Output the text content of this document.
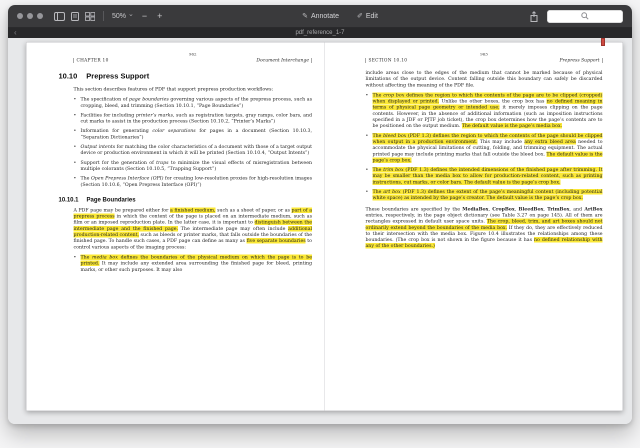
50% ⌄ − +	✎ Annotate	✐ Edit
‹	pdf_reference_1-7
962
CHAPTER 10	Document Interchange
10.10 Prepress Support

This section describes features of PDF that support prepress production workflows:

• The specification of page boundaries governing various aspects of the prepress process, such as cropping, bleed, and trimming (Section 10.10.1, “Page Boundaries”)
• Facilities for including printer’s marks, such as registration targets, gray ramps, color bars, and cut marks to assist in the production process (Section 10.10.2, “Printer’s Marks”)
• Information for generating color separations for pages in a document (Section 10.10.3, “Separation Dictionaries”)
• Output intents for matching the color characteristics of a document with those of a target output device or production environment in which it will be printed (Section 10.10.4, “Output Intents”)
• Support for the generation of traps to minimize the visual effects of misregistration between multiple colorants (Section 10.10.5, “Trapping Support”)
• The Open Prepress Interface (OPI) for creating low-resolution proxies for high-resolution images (Section 10.10.6, “Open Prepress Interface (OPI)”)
10.10.1 Page Boundaries

A PDF page may be prepared either for a finished medium, such as a sheet of paper, or as part of a prepress process in which the content of the page is placed on an intermediate medium, such as film or an imposed reproduction plate. In the latter case, it is important to distinguish between the intermediate page and the finished page. The intermediate page may often include additional production-related content, such as bleeds or printer marks, that falls outside the boundaries of the finished page. To handle such cases, a PDF page can define as many as five separate boundaries to control various aspects of the imaging process:

• The media box defines the boundaries of the physical medium on which the page is to be printed. It may include any extended area surrounding the finished page for bleed, printing marks, or other such purposes. It may also
963
SECTION 10.10	Prepress Support

include areas close to the edges of the medium that cannot be marked because of physical limitations of the output device. Content falling outside this boundary can safely be discarded without affecting the meaning of the PDF file.

• The crop box defines the region to which the contents of the page are to be clipped (cropped) when displayed or printed. Unlike the other boxes, the crop box has no defined meaning in terms of physical page geometry or intended use; it merely imposes clipping on the page contents. However, in the absence of additional information (such as imposition instructions specified in a JDF or PJTF job ticket), the crop box determines how the page’s contents are to be positioned on the output medium. The default value is the page’s media box.
• The bleed box (PDF 1.3) defines the region to which the contents of the page should be clipped when output in a production environment. This may include any extra bleed area needed to accommodate the physical limitations of cutting, folding, and trimming equipment. The actual printed page may include printing marks that fall outside the bleed box. The default value is the page’s crop box.
• The trim box (PDF 1.3) defines the intended dimensions of the finished page after trimming. It may be smaller than the media box to allow for production-related content, such as printing instructions, cut marks, or color bars. The default value is the page’s crop box.
• The art box (PDF 1.3) defines the extent of the page’s meaningful content (including potential white space) as intended by the page’s creator. The default value is the page’s crop box.

These boundaries are specified by the MediaBox, CropBox, BleedBox, TrimBox, and ArtBox entries, respectively, in the page object dictionary (see Table 3.27 on page 145). All of them are rectangles expressed in default user space units. The crop, bleed, trim, and art boxes should not ordinarily extend beyond the boundaries of the media box. If they do, they are effectively reduced to their intersection with the media box. Figure 10.4 illustrates the relationships among these boundaries. (The crop box is not shown in the figure because it has no defined relationship with any of the other boundaries.)
